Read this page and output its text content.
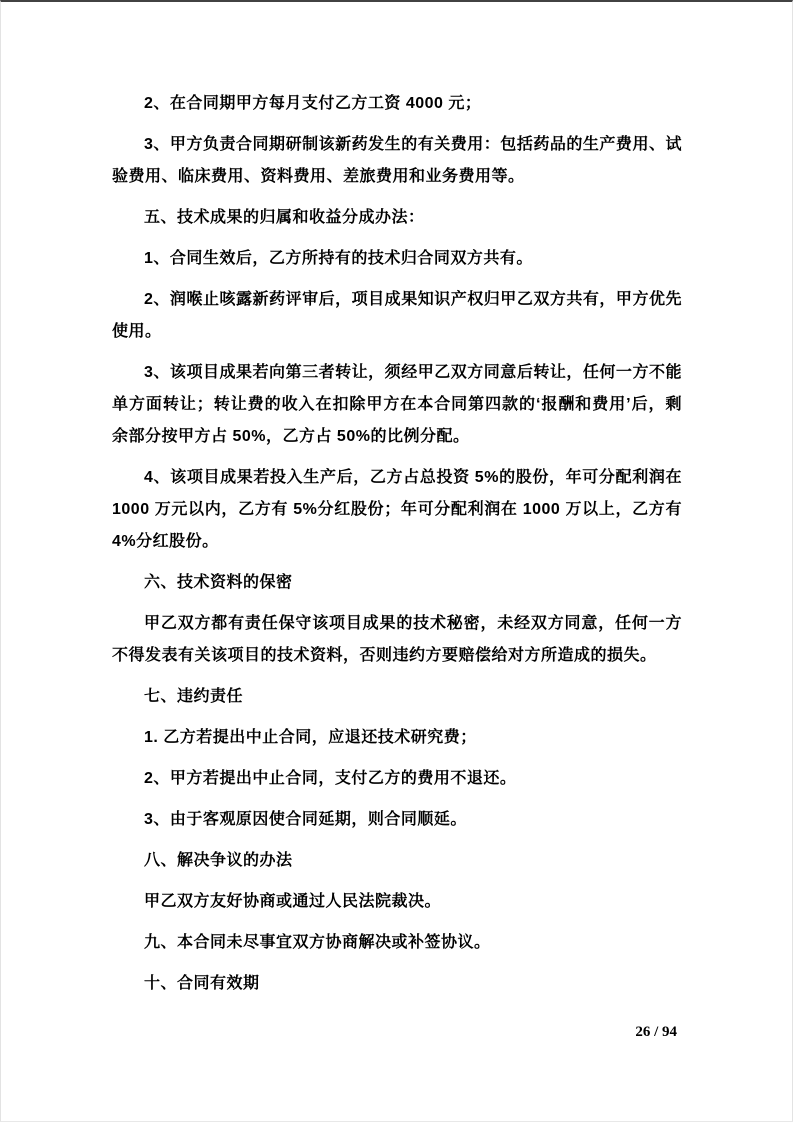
2、在合同期甲方每月支付乙方工资 4000 元；

3、甲方负责合同期研制该新药发生的有关费用：包括药品的生产费用、试验费用、临床费用、资料费用、差旅费用和业务费用等。

五、技术成果的归属和收益分成办法：

1、合同生效后，乙方所持有的技术归合同双方共有。

2、润喉止咳露新药评审后，项目成果知识产权归甲乙双方共有，甲方优先使用。

3、该项目成果若向第三者转让，须经甲乙双方同意后转让，任何一方不能单方面转让；转让费的收入在扣除甲方在本合同第四款的‘报酬和费用’后，剩余部分按甲方占 50%，乙方占 50%的比例分配。

4、该项目成果若投入生产后，乙方占总投资 5%的股份，年可分配利润在 1000 万元以内，乙方有 5%分红股份；年可分配利润在 1000 万以上，乙方有 4%分红股份。

六、技术资料的保密

甲乙双方都有责任保守该项目成果的技术秘密，未经双方同意，任何一方不得发表有关该项目的技术资料，否则违约方要赔偿给对方所造成的损失。

七、违约责任

1. 乙方若提出中止合同，应退还技术研究费；

2、甲方若提出中止合同，支付乙方的费用不退还。

3、由于客观原因使合同延期，则合同顺延。

八、解决争议的办法

甲乙双方友好协商或通过人民法院裁决。

九、本合同未尽事宜双方协商解决或补签协议。

十、合同有效期

26 / 94
